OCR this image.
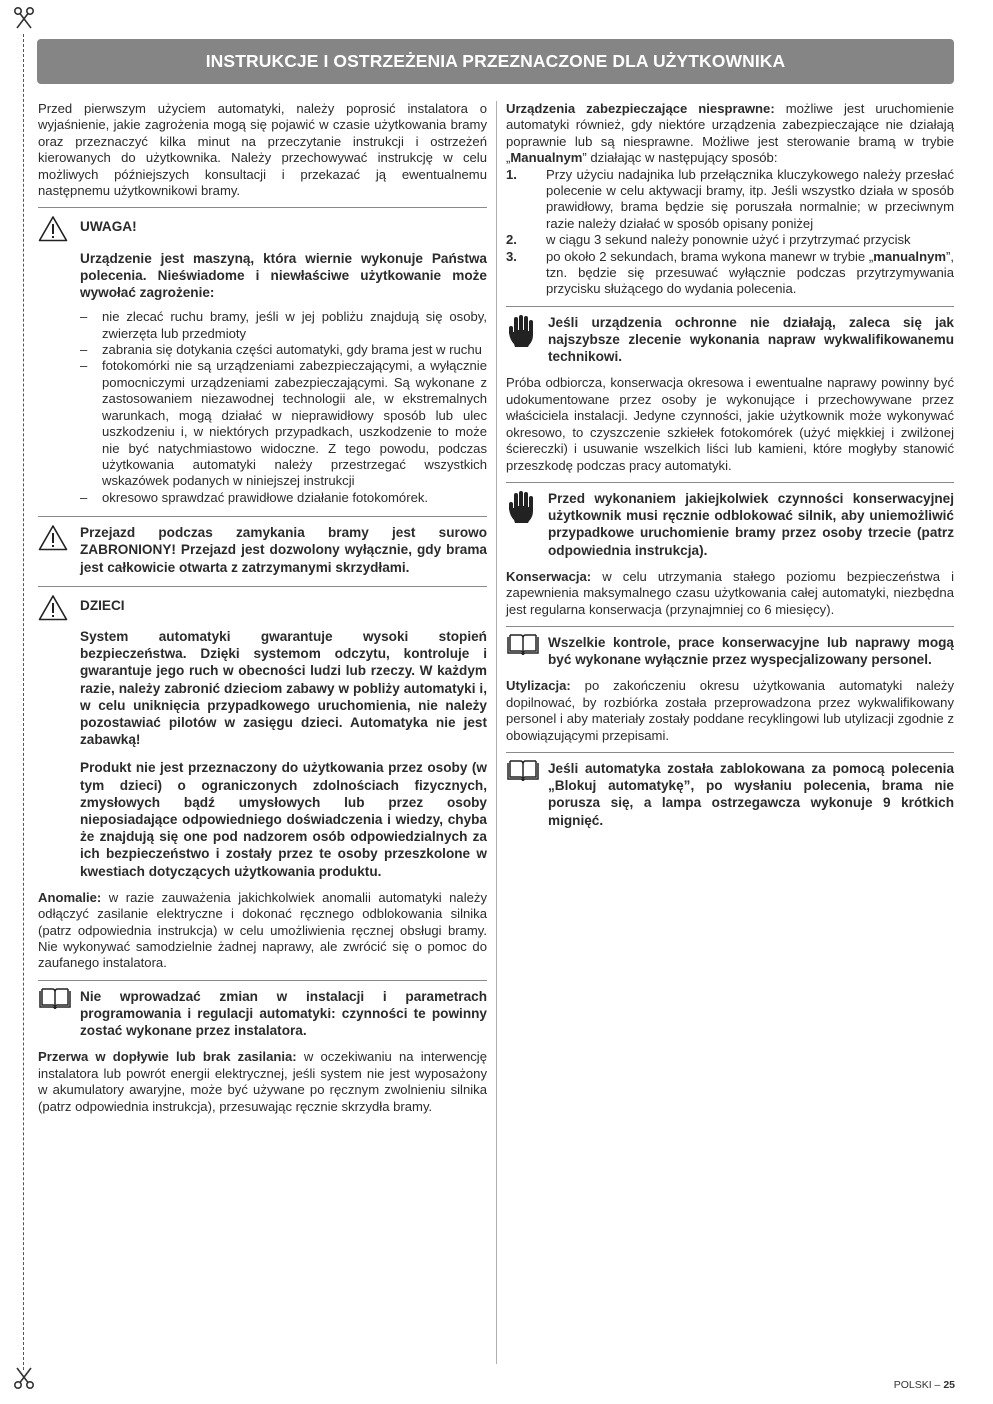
INSTRUKCJE I OSTRZEŻENIA PRZEZNACZONE DLA UŻYTKOWNIKA

Przed pierwszym użyciem automatyki, należy poprosić instalatora o wyjaśnienie, jakie zagrożenia mogą się pojawić w czasie użytkowania bramy oraz przeznaczyć kilka minut na przeczytanie instrukcji i ostrzeżeń kierowanych do użytkownika. Należy przechowywać instrukcję w celu możliwych późniejszych konsultacji i przekazać ją ewentualnemu następnemu użytkownikowi bramy.

UWAGA!

Urządzenie jest maszyną, która wiernie wykonuje Państwa polecenia. Nieświadome i niewłaściwe użytkowanie może wywołać zagrożenie:

–	nie zlecać ruchu bramy, jeśli w jej pobliżu znajdują się osoby, zwierzęta lub przedmioty
–	zabrania się dotykania części automatyki, gdy brama jest w ruchu
–	fotokomórki nie są urządzeniami zabezpieczającymi, a wyłącznie pomocniczymi urządzeniami zabezpieczającymi. Są wykonane z zastosowaniem niezawodnej technologii ale, w ekstremalnych warunkach, mogą działać w nieprawidłowy sposób lub ulec uszkodzeniu i, w niektórych przypadkach, uszkodzenie to może nie być natychmiastowo widoczne. Z tego powodu, podczas użytkowania automatyki należy przestrzegać wszystkich wskazówek podanych w niniejszej instrukcji
–	okresowo sprawdzać prawidłowe działanie fotokomórek.

Przejazd podczas zamykania bramy jest surowo ZABRONIONY! Przejazd jest dozwolony wyłącznie, gdy brama jest całkowicie otwarta z zatrzymanymi skrzydłami.

DZIECI

System automatyki gwarantuje wysoki stopień bezpieczeństwa. Dzięki systemom odczytu, kontroluje i gwarantuje jego ruch w obecności ludzi lub rzeczy. W każdym razie, należy zabronić dzieciom zabawy w pobliży automatyki i, w celu uniknięcia przypadkowego uruchomienia, nie należy pozostawiać pilotów w zasięgu dzieci. Automatyka nie jest zabawką!

Produkt nie jest przeznaczony do użytkowania przez osoby (w tym dzieci) o ograniczonych zdolnościach fizycznych, zmysłowych bądź umysłowych lub przez osoby nieposiadające odpowiedniego doświadczenia i wiedzy, chyba że znajdują się one pod nadzorem osób odpowiedzialnych za ich bezpieczeństwo i zostały przez te osoby przeszkolone w kwestiach dotyczących użytkowania produktu.

Anomalie: w razie zauważenia jakichkolwiek anomalii automatyki należy odłączyć zasilanie elektryczne i dokonać ręcznego odblokowania silnika (patrz odpowiednia instrukcja) w celu umożliwienia ręcznej obsługi bramy. Nie wykonywać samodzielnie żadnej naprawy, ale zwrócić się o pomoc do zaufanego instalatora.

Nie wprowadzać zmian w instalacji i parametrach programowania i regulacji automatyki: czynności te powinny zostać wykonane przez instalatora.

Przerwa w dopływie lub brak zasilania: w oczekiwaniu na interwencję instalatora lub powrót energii elektrycznej, jeśli system nie jest wyposażony w akumulatory awaryjne, może być używane po ręcznym zwolnieniu silnika (patrz odpowiednia instrukcja), przesuwając ręcznie skrzydła bramy.

Urządzenia zabezpieczające niesprawne: możliwe jest uruchomienie automatyki również, gdy niektóre urządzenia zabezpieczające nie działają poprawnie lub są niesprawne. Możliwe jest sterowanie bramą w trybie „Manualnym” działając w następujący sposób:

1.	Przy użyciu nadajnika lub przełącznika kluczykowego należy przesłać polecenie w celu aktywacji bramy, itp. Jeśli wszystko działa w sposób prawidłowy, brama będzie się poruszała normalnie; w przeciwnym razie należy działać w sposób opisany poniżej
2.	w ciągu 3 sekund należy ponownie użyć i przytrzymać przycisk
3.	po około 2 sekundach, brama wykona manewr w trybie „manualnym”, tzn. będzie się przesuwać wyłącznie podczas przytrzymywania przycisku służącego do wydania polecenia.

Jeśli urządzenia ochronne nie działają, zaleca się jak najszybsze zlecenie wykonania napraw wykwalifikowanemu technikowi.

Próba odbiorcza, konserwacja okresowa i ewentualne naprawy powinny być udokumentowane przez osoby je wykonujące i przechowywane przez właściciela instalacji. Jedyne czynności, jakie użytkownik może wykonywać okresowo, to czyszczenie szkiełek fotokomórek (użyć miękkiej i zwilżonej ściereczki) i usuwanie wszelkich liści lub kamieni, które mogłyby stanowić przeszkodę podczas pracy automatyki.

Przed wykonaniem jakiejkolwiek czynności konserwacyjnej użytkownik musi ręcznie odblokować silnik, aby uniemożliwić przypadkowe uruchomienie bramy przez osoby trzecie (patrz odpowiednia instrukcja).

Konserwacja: w celu utrzymania stałego poziomu bezpieczeństwa i zapewnienia maksymalnego czasu użytkowania całej automatyki, niezbędna jest regularna konserwacja (przynajmniej co 6 miesięcy).

Wszelkie kontrole, prace konserwacyjne lub naprawy mogą być wykonane wyłącznie przez wyspecjalizowany personel.

Utylizacja: po zakończeniu okresu użytkowania automatyki należy dopilnować, by rozbiórka została przeprowadzona przez wykwalifikowany personel i aby materiały zostały poddane recyklingowi lub utylizacji zgodnie z obowiązującymi przepisami.

Jeśli automatyka została zablokowana za pomocą polecenia „Blokuj automatykę”, po wysłaniu polecenia, brama nie porusza się, a lampa ostrzegawcza wykonuje 9 krótkich mignięć.

POLSKI – 25
